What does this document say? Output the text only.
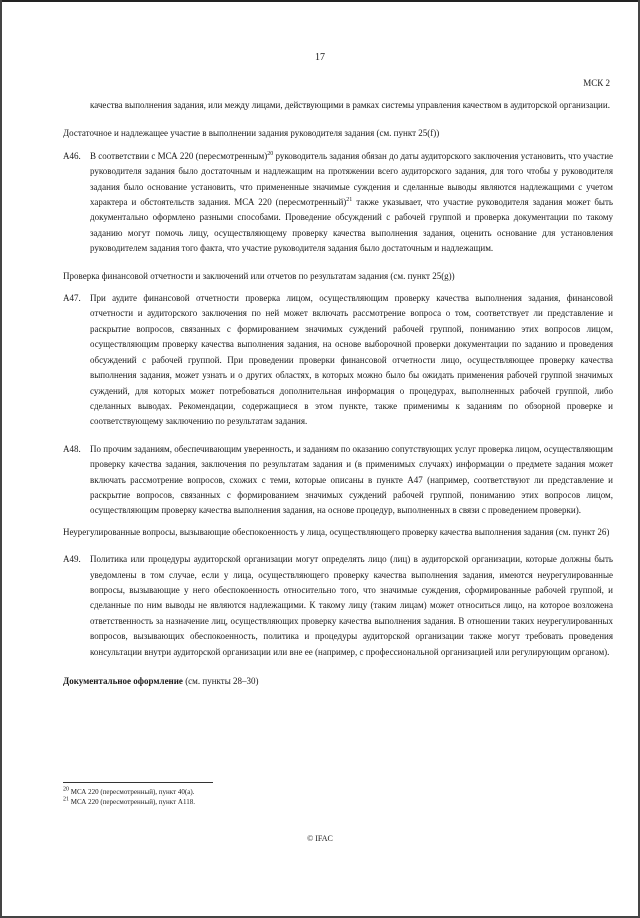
17
МСК 2

качества выполнения задания, или между лицами, действующими в рамках системы управления качеством в аудиторской организации.

Достаточное и надлежащее участие в выполнении задания руководителя задания (см. пункт 25(f))

A46. В соответствии с МСА 220 (пересмотренным)$^{20}$ руководитель задания обязан до даты аудиторского заключения установить, что участие руководителя задания было достаточным и надлежащим на протяжении всего аудиторского задания, для того чтобы у руководителя задания было основание установить, что примененные значимые суждения и сделанные выводы являются надлежащими с учетом характера и обстоятельств задания. МСА 220 (пересмотренный)$^{21}$ также указывает, что участие руководителя задания может быть документально оформлено разными способами. Проведение обсуждений с рабочей группой и проверка документации по такому заданию могут помочь лицу, осуществляющему проверку качества выполнения задания, оценить основание для установления руководителем задания того факта, что участие руководителя задания было достаточным и надлежащим.

Проверка финансовой отчетности и заключений или отчетов по результатам задания (см. пункт 25(g))

A47. При аудите финансовой отчетности проверка лицом, осуществляющим проверку качества выполнения задания, финансовой отчетности и аудиторского заключения по ней может включать рассмотрение вопроса о том, соответствует ли представление и раскрытие вопросов, связанных с формированием значимых суждений рабочей группой, пониманию этих вопросов лицом, осуществляющим проверку качества выполнения задания, на основе выборочной проверки документации по заданию и проведения обсуждений с рабочей группой. При проведении проверки финансовой отчетности лицо, осуществляющее проверку качества выполнения задания, может узнать и о других областях, в которых можно было бы ожидать применения рабочей группой значимых суждений, для которых может потребоваться дополнительная информация о процедурах, выполненных рабочей группой, либо сделанных выводах. Рекомендации, содержащиеся в этом пункте, также применимы к заданиям по обзорной проверке и соответствующему заключению по результатам задания.

A48. По прочим заданиям, обеспечивающим уверенность, и заданиям по оказанию сопутствующих услуг проверка лицом, осуществляющим проверку качества задания, заключения по результатам задания и (в применимых случаях) информации о предмете задания может включать рассмотрение вопросов, схожих с теми, которые описаны в пункте A47 (например, соответствуют ли представление и раскрытие вопросов, связанных с формированием значимых суждений рабочей группой, пониманию этих вопросов лицом, осуществляющим проверку качества выполнения задания, на основе процедур, выполненных в связи с проведением проверки).

Неурегулированные вопросы, вызывающие обеспокоенность у лица, осуществляющего проверку качества выполнения задания (см. пункт 26)

A49. Политика или процедуры аудиторской организации могут определять лицо (лиц) в аудиторской организации, которые должны быть уведомлены в том случае, если у лица, осуществляющего проверку качества выполнения задания, имеются неурегулированные вопросы, вызывающие у него обеспокоенность относительно того, что значимые суждения, сформированные рабочей группой, и сделанные по ним выводы не являются надлежащими. К такому лицу (таким лицам) может относиться лицо, на которое возложена ответственность за назначение лиц, осуществляющих проверку качества выполнения задания. В отношении таких неурегулированных вопросов, вызывающих обеспокоенность, политика и процедуры аудиторской организации также могут требовать проведения консультации внутри аудиторской организации или вне ее (например, с профессиональной организацией или регулирующим органом).

Документальное оформление (см. пункты 28–30)

$^{20}$ МСА 220 (пересмотренный), пункт 40(a).
$^{21}$ МСА 220 (пересмотренный), пункт A118.
© IFAC
